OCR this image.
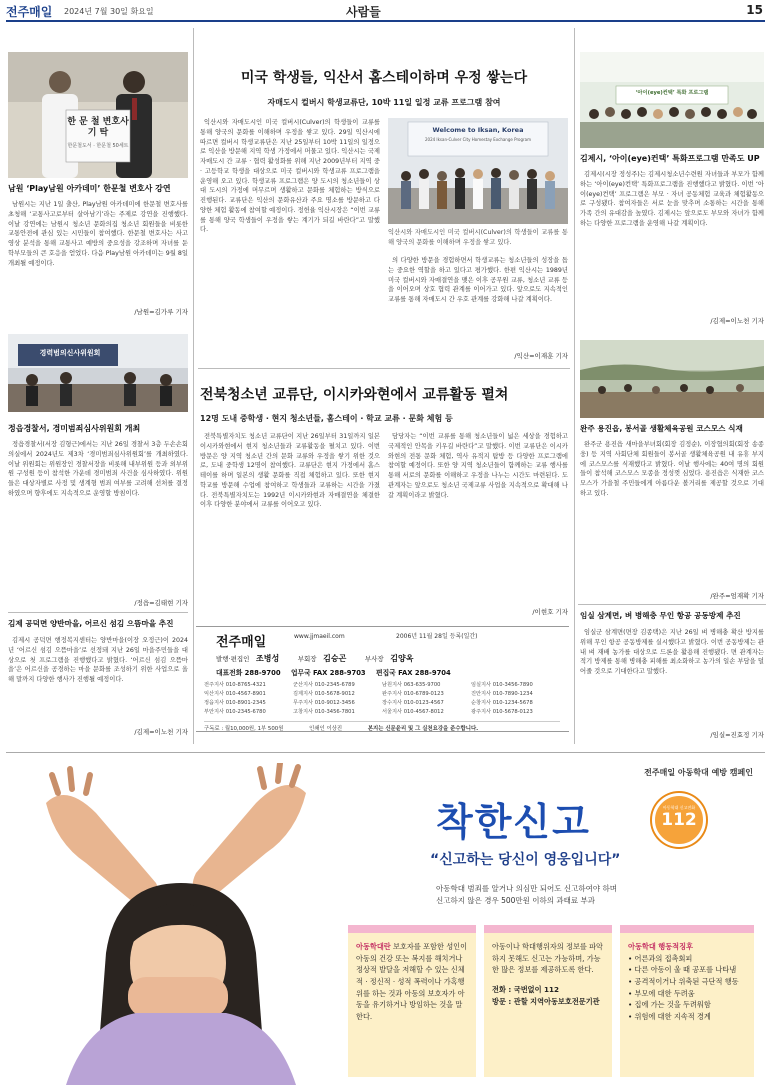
전주매일 2024년 7월 30일 화요일	사람들	15
한 문 철 변호사 기 탁
한문철도서 · 한문철 50세트
남원 ‘Play남원 아카데미’ 한문철 변호사 강연

남원시는 지난 1일 출산, Play남원 아카데미에 한문철 변호사를 초청해 ‘교통사고로부터 살아남기’라는 주제로 강연을 진행했다. 이날 강연에는 남원시 청소년 문화의집 청소년 회원들을 비롯한 교통안전에 관심 있는 시민들이 참여했다. 한문철 변호사는 사고 영상 분석을 통해 교통사고 예방의 중요성을 강조하며 자녀를 둔 학부모들의 큰 호응을 얻었다. 다음 Play남원 아카데미는 9월 8일 개최될 예정이다.

/남원=김가루 기자
경력범의신사위원회
정읍경찰서, 경미범죄심사위원회 개최

정읍경찰서(서장 김형근)에서는 지난 26일 경찰서 3층 두손손회의실에서 2024년도 제3차 ‘경미범죄심사위원회’를 개최하였다. 이날 위원회는 위원장인 경찰서장을 비롯해 내부위원 등과 외부위원 구성원 등이 참석한 가운데 경미범죄 사건을 심사하였다. 위원들은 대상자별로 사정 및 생계형 범죄 여부를 고려해 선처를 결정하였으며 향후에도 지속적으로 운영할 방침이다.

/정읍=김태현 기자
김제 공덕면 양반마을, 어르신 섬김 으뜸마을 추진

김제시 공덕면 행정복지센터는 양반마을(이장 오정근)이 2024년 ‘어르신 섬김 으뜸마을’로 선정돼 지난 26일 마을주민들을 대상으로 첫 프로그램을 진행했다고 밝혔다. ‘어르신 섬김 으뜸마을’은 어르신을 공경하는 마을 문화를 조성하기 위한 사업으로 올해 말까지 다양한 행사가 진행될 예정이다.

/김제=이노천 기자
미국 학생들, 익산서 홈스테이하며 우정 쌓는다
자매도시 컬버시 학생교류단, 10박 11일 일정 교류 프로그램 참여

익산시와 자매도시인 미국 컬버시(Culver)의 학생들이 교류를 통해 양국의 문화를 이해하며 우정을 쌓고 있다. 29일 익산시에 따르면 컬버시 학생교류단은 지난 25일부터 10박 11일의 일정으로 익산을 방문해 지역 학생 가정에서 머물고 있다. 익산시는 국제 자매도시 간 교류 · 협력 활성화를 위해 지난 2009년부터 지역 중 · 고등학교 학생을 대상으로 미국 컬버시와 학생교류 프로그램을 운영해 오고 있다. 학생교류 프로그램은 양 도시의 청소년들이 상대 도시의 가정에 머무르며 생활하고 문화를 체험하는 방식으로 진행된다. 교류단은 익산의 문화유산과 주요 명소를 방문하고 다양한 체험 활동에 참여할 예정이다. 정헌율 익산시장은 “이번 교류를 통해 양국 학생들이 우정을 쌓는 계기가 되길 바란다”고 말했다.

Welcome to Iksan, Korea
2024 Iksan-Culver City Homestay Exchange Program

익산시와 자매도시인 미국 컬버시(Culver)의 학생들이 교류를 통해 양국의 문화를 이해하며 우정을 쌓고 있다.

의 다양한 방문을 경험하면서 학생교류는 청소년들의 성장을 돕는 중요한 역할을 하고 있다고 평가했다. 한편 익산시는 1989년 미국 컬버시와 자매결연을 맺은 이후 공무원 교류, 청소년 교류 등을 이어오며 상호 협력 관계를 이어가고 있다. 앞으로도 지속적인 교류를 통해 자매도시 간 우호 관계를 강화해 나갈 계획이다.

/익산=이재훈 기자
전북청소년 교류단, 이시카와현에서 교류활동 펼쳐
12명 도내 중학생 · 현지 청소년들, 홈스테이 · 학교 교류 · 문화 체험 등

전북특별자치도 청소년 교류단이 지난 26일부터 31일까지 일본 이시카와현에서 현지 청소년들과 교류활동을 펼치고 있다. 이번 방문은 양 지역 청소년 간의 문화 교류와 우정을 쌓기 위한 것으로, 도내 중학생 12명이 참여했다. 교류단은 현지 가정에서 홈스테이를 하며 일본의 생활 문화를 직접 체험하고 있다. 또한 현지 학교를 방문해 수업에 참여하고 학생들과 교류하는 시간을 가졌다. 전북특별자치도는 1992년 이시카와현과 자매결연을 체결한 이후 다양한 분야에서 교류를 이어오고 있다.

담당자는 “이번 교류를 통해 청소년들이 넓은 세상을 경험하고 국제적인 안목을 키우길 바란다”고 말했다. 이번 교류단은 이시카와현의 전통 문화 체험, 역사 유적지 탐방 등 다양한 프로그램에 참여할 예정이다. 또한 양 지역 청소년들이 함께하는 교류 행사를 통해 서로의 문화를 이해하고 우정을 나누는 시간도 마련된다. 도 관계자는 앞으로도 청소년 국제교류 사업을 지속적으로 확대해 나갈 계획이라고 밝혔다.

/이현호 기자
전주매일	www.jjmaeil.com	2006년 11월 28일 등록(일간)
발행·편집인 조병성	부회장 김승곤	부사장 김양옥
대표전화 288-9700 업무국 FAX 288-9703 편집국 FAX 288-9704
전주지사 010-8765-4321	군산지사 010-2345-6789	남원지사 063-635-9700	임실지사 010-3456-7890
익산지사 010-4567-8901	김제지사 010-5678-9012	완주지사 010-6789-0123	진안지사 010-7890-1234
정읍지사 010-8901-2345	무주지사 010-9012-3456	장수지사 010-0123-4567	순창지사 010-1234-5678
부안지사 010-2345-6780	고창지사 010-3456-7801	서울지사 010-4567-8012	광주지사 010-5678-0123
구독료 : 월10,000원, 1부 500원	인쇄인 이상진	본지는 신문윤리 및 그 실천요강을 준수합니다.
‘아이(eye)컨택’ 특화 프로그램
김제시, ‘아이(eye)컨택’ 특화프로그램 만족도 UP

김제시(시장 정성주)는 김제시청소년수련원 자녀들과 부모가 함께하는 ‘아이(eye)컨택’ 특화프로그램을 진행했다고 밝혔다. 이번 ‘아이(eye)컨택’ 프로그램은 부모 · 자녀 공동체험 교육과 체험활동으로 구성됐다. 참여자들은 서로 눈을 맞추며 소통하는 시간을 통해 가족 간의 유대감을 높였다. 김제시는 앞으로도 부모와 자녀가 함께하는 다양한 프로그램을 운영해 나갈 계획이다.

/김제=이노천 기자
완주 용진읍, 봉서골 생활체육공원 코스모스 식재

완주군 용진읍 새마을부녀회(회장 김정순), 이장협의회(회장 송종웅) 등 지역 사회단체 회원들이 봉서골 생활체육공원 내 유휴 부지에 코스모스를 식재했다고 밝혔다. 이날 행사에는 40여 명의 회원들이 참석해 코스모스 모종을 정성껏 심었다. 용진읍은 식재한 코스모스가 가을철 주민들에게 아름다운 볼거리를 제공할 것으로 기대하고 있다.

/완주=엄재확 기자
임실 삼계면, 벼 병해충 무인 항공 공동방제 추진

임실군 삼계면(면장 김종택)은 지난 26일 벼 병해충 확산 방지를 위해 무인 항공 공동방제를 실시했다고 밝혔다. 이번 공동방제는 관내 벼 재배 농가를 대상으로 드론을 활용해 진행됐다. 면 관계자는 적기 방제를 통해 병해충 피해를 최소화하고 농가의 일손 부담을 덜어줄 것으로 기대한다고 말했다.

/임실=진효정 기자
전주매일 아동학대 예방 캠페인
착한신고	아동학대 신고전화
112
“신고하는 당신이 영웅입니다”
아동학대 범죄를 알거나 의심만 되어도 신고하여야 하며
신고하지 않은 경우 500만원 이하의 과태료 부과
아동학대란 보호자를 포함한 성인이 아동의 건강 또는 복지를 해치거나 정상적 발달을 저해할 수 있는 신체적 · 정신적 · 성적 폭력이나 가혹행위를 하는 것과 아동의 보호자가 아동을 유기하거나 방임하는 것을 말한다.
아동이나 학대행위자의 정보를 파악하지 못해도 신고는 가능하며, 가능한 많은 정보를 제공하도록 한다.
전화 : 국번없이 112
방문 : 관할 지역아동보호전문기관
아동학대 행동적징후
• 어른과의 접촉회피
• 다른 아동이 울 때 공포를 나타냄
• 공격적이거나 위축된 극단적 행동
• 부모에 대한 두려움
• 집에 가는 것을 두려워함
• 위험에 대한 지속적 경계
